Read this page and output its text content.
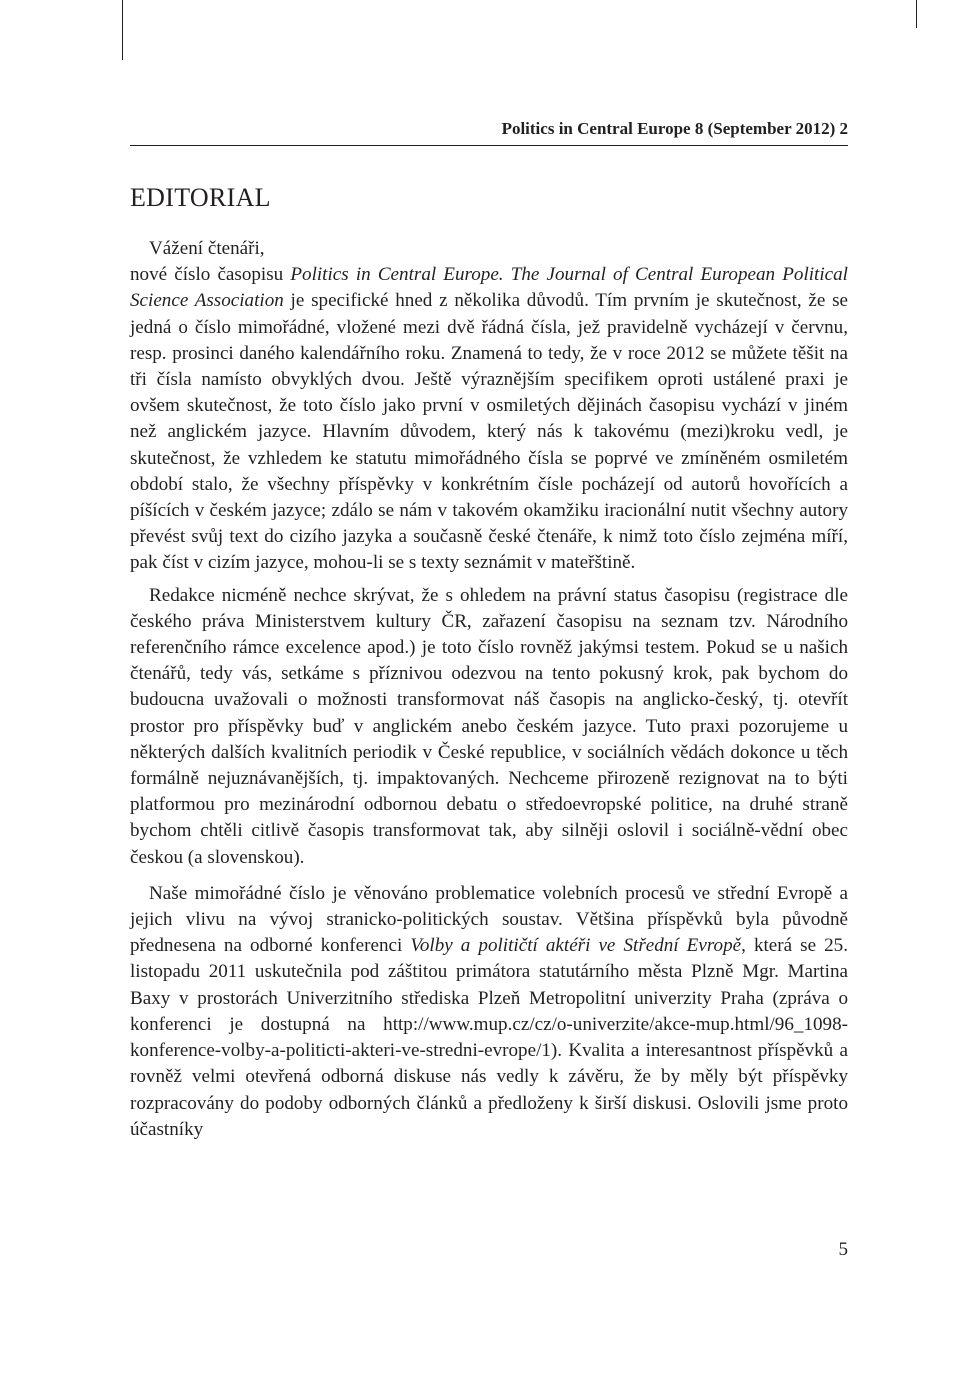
Politics in Central Europe 8 (September 2012) 2
EDITORIAL

Vážení čtenáři,

nové číslo časopisu Politics in Central Europe. The Journal of Central European Political Science Association je specifické hned z několika důvodů. Tím prvním je skutečnost, že se jedná o číslo mimořádné, vložené mezi dvě řádná čísla, jež pravidelně vycházejí v červnu, resp. prosinci daného kalendářního roku. Znamená to tedy, že v roce 2012 se můžete těšit na tři čísla namísto obvyklých dvou. Ještě výraznějším specifikem oproti ustálené praxi je ovšem skutečnost, že toto číslo jako první v osmiletých dějinách časopisu vychází v jiném než anglickém jazyce. Hlavním důvodem, který nás k takovému (mezi)kroku vedl, je skutečnost, že vzhledem ke statutu mimořádného čísla se poprvé ve zmíněném osmiletém období stalo, že všechny příspěvky v konkrétním čísle pocházejí od autorů hovořících a píšících v českém jazyce; zdálo se nám v takovém okamžiku iracionální nutit všechny autory převést svůj text do cizího jazyka a současně české čtenáře, k nimž toto číslo zejména míří, pak číst v cizím jazyce, mohou-li se s texty seznámit v mateřštině.

Redakce nicméně nechce skrývat, že s ohledem na právní status časopisu (registrace dle českého práva Ministerstvem kultury ČR, zařazení časopisu na seznam tzv. Národního referenčního rámce excelence apod.) je toto číslo rovněž jakýmsi testem. Pokud se u našich čtenářů, tedy vás, setkáme s příznivou odezvou na tento pokusný krok, pak bychom do budoucna uvažovali o možnosti transformovat náš časopis na anglicko-český, tj. otevřít prostor pro příspěvky buď v anglickém anebo českém jazyce. Tuto praxi pozorujeme u některých dalších kvalitních periodik v České republice, v sociálních vědách dokonce u těch formálně nejuznávanějších, tj. impaktovaných. Nechceme přirozeně rezignovat na to býti platformou pro mezinárodní odbornou debatu o středoevropské politice, na druhé straně bychom chtěli citlivě časopis transformovat tak, aby silněji oslovil i sociálně-vědní obec českou (a slovenskou).

Naše mimořádné číslo je věnováno problematice volebních procesů ve střední Evropě a jejich vlivu na vývoj stranicko-politických soustav. Většina příspěvků byla původně přednesena na odborné konferenci Volby a političtí aktéři ve Střední Evropě, která se 25. listopadu 2011 uskutečnila pod záštitou primátora statutárního města Plzně Mgr. Martina Baxy v prostorách Univerzitního střediska Plzeň Metropolitní univerzity Praha (zpráva o konferenci je dostupná na http://www.mup.cz/cz/o-univerzite/akce-mup.html/96_1098-konference-volby-a-politicti-akteri-ve-stredni-evrope/1). Kvalita a interesantnost příspěvků a rovněž velmi otevřená odborná diskuse nás vedly k závěru, že by měly být příspěvky rozpracovány do podoby odborných článků a předloženy k širší diskusi. Oslovili jsme proto účastníky

5
